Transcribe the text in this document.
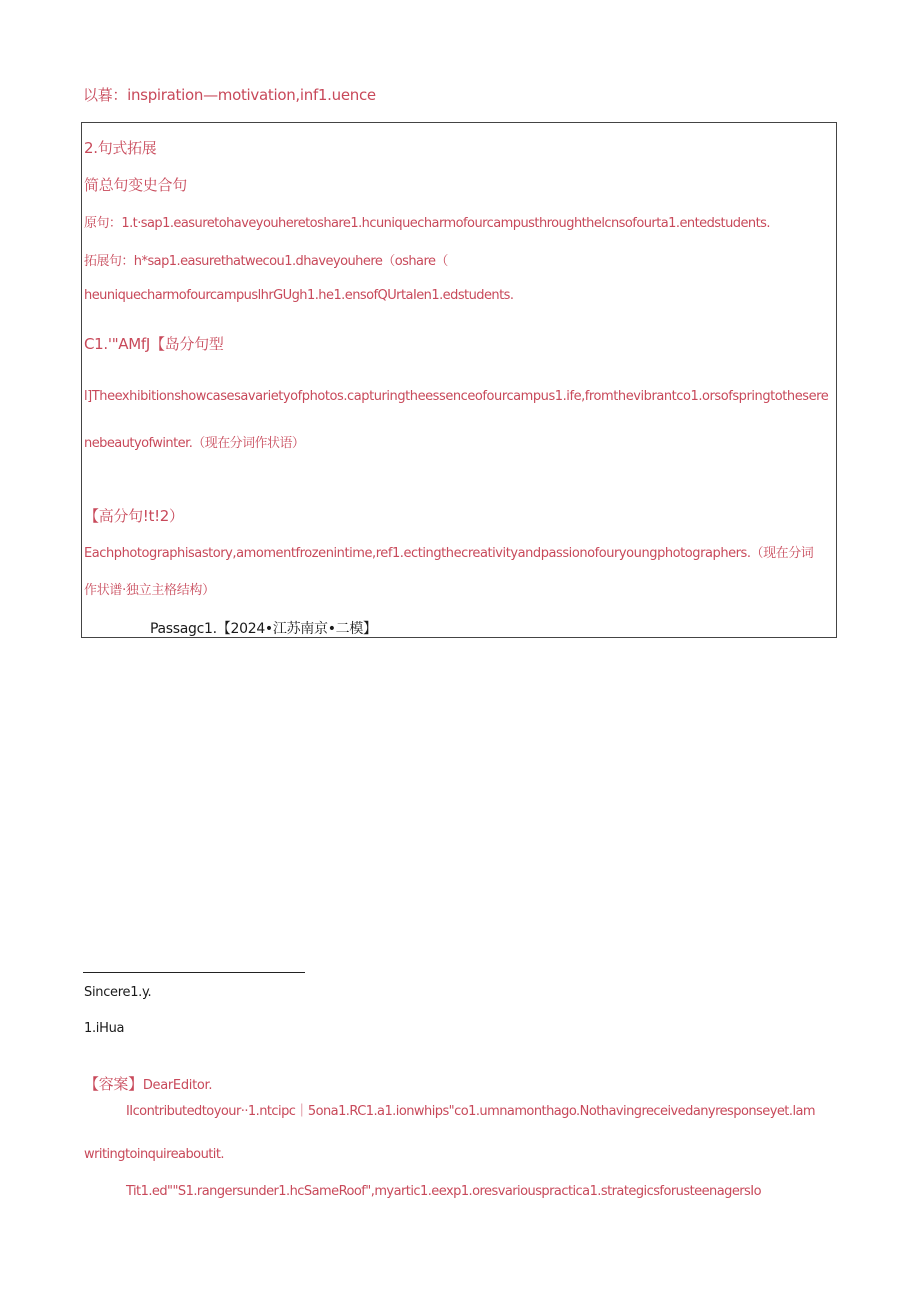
以暮：inspiration—motivation,inf1.uence
2.句式拓展
简总句变史合句
原句：1.t·sap1.easuretohaveyouheretoshare1.hcuniquecharmofourcampusthroughthelcnsofourta1.entedstudents.
拓展句：h*sap1.easurethatwecou1.dhaveyouhere（oshare（
heuniquecharmofourcampuslhrGUgh1.he1.ensofQUrtaIen1.edstudents.
C1.'"AMfJ【岛分句型
l]Theexhibitionshowcasesavarietyofphotos.capturingtheessenceofourcampus1.ife,fromthevibrantco1.orsofspringtothesere
nebeautyofwinter.（现在分词作状语）
【高分句!t!2）
Eachphotographisastory,amomentfrozenintime,ref1.ectingthecreativityandpassionofouryoungphotographers.（现在分词
作状谱·独立主格结构）
Passagc1.【2024•江苏南京•二模】
Sincere1.y.
1.iHua
【容案】DearEditor.
IIcontributedtoyour··1.ntcipc｜5ona1.RC1.a1.ionwhips"co1.umnamonthago.Nothavingreceivedanyresponseyet.lam
writingtoinquireaboutit.
Tit1.ed""S1.rangersunder1.hcSameRoof",myartic1.eexp1.oresvariouspractica1.strategicsforusteenagersIo
